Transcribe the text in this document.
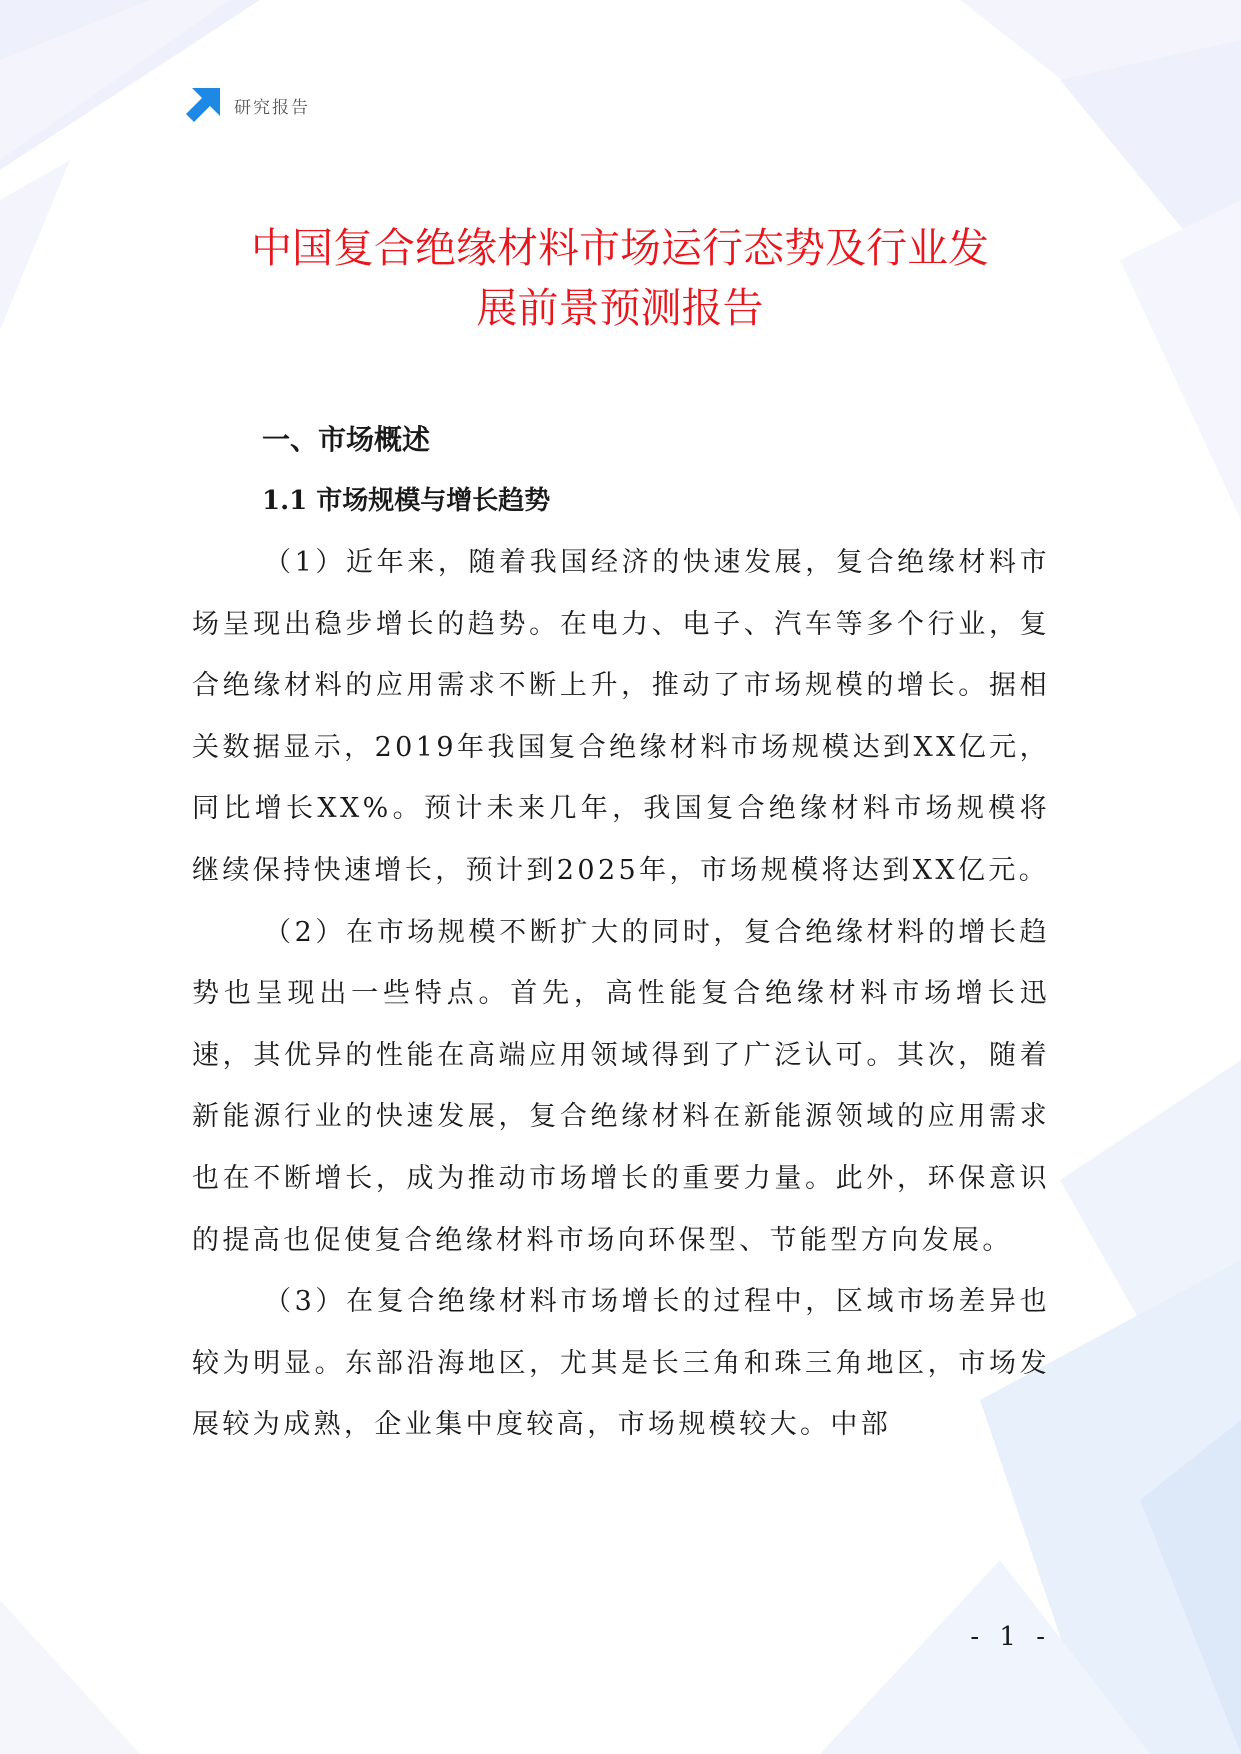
研究报告
中国复合绝缘材料市场运行态势及行业发
展前景预测报告
一、市场概述
1.1 市场规模与增长趋势

（1）近年来，随着我国经济的快速发展，复合绝缘材料市场呈现出稳步增长的趋势。在电力、电子、汽车等多个行业，复合绝缘材料的应用需求不断上升，推动了市场规模的增长。据相关数据显示，2019年我国复合绝缘材料市场规模达到XX亿元，同比增长XX%。预计未来几年，我国复合绝缘材料市场规模将继续保持快速增长，预计到2025年，市场规模将达到XX亿元。

（2）在市场规模不断扩大的同时，复合绝缘材料的增长趋势也呈现出一些特点。首先，高性能复合绝缘材料市场增长迅速，其优异的性能在高端应用领域得到了广泛认可。其次，随着新能源行业的快速发展，复合绝缘材料在新能源领域的应用需求也在不断增长，成为推动市场增长的重要力量。此外，环保意识的提高也促使复合绝缘材料市场向环保型、节能型方向发展。

（3）在复合绝缘材料市场增长的过程中，区域市场差异也较为明显。东部沿海地区，尤其是长三角和珠三角地区，市场发展较为成熟，企业集中度较高，市场规模较大。中部

- 1 -
